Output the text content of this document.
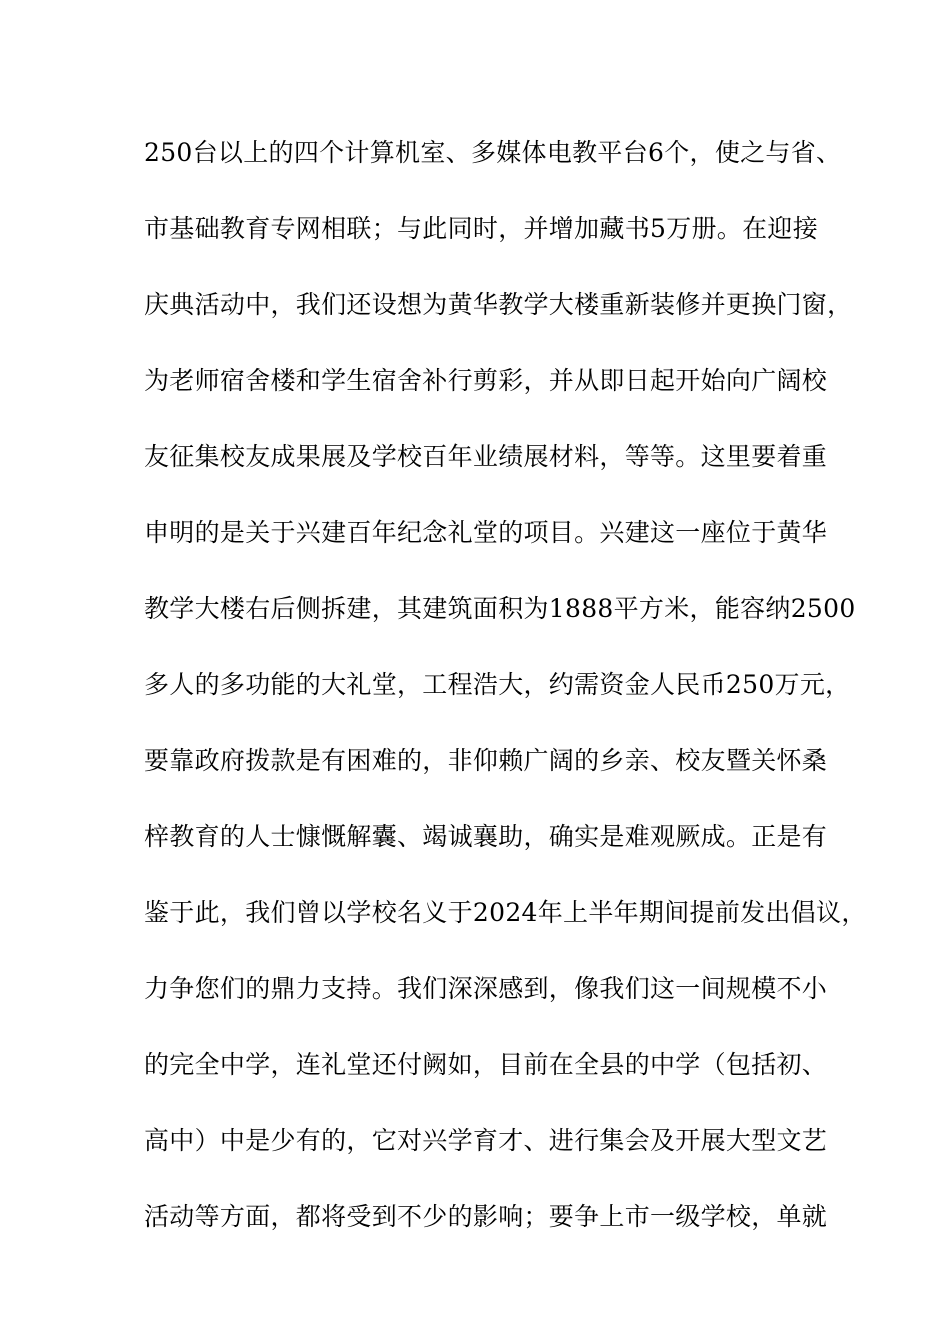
250台以上的四个计算机室、多媒体电教平台6个，使之与省、
市基础教育专网相联；与此同时，并增加藏书5万册。在迎接
庆典活动中，我们还设想为黄华教学大楼重新装修并更换门窗，
为老师宿舍楼和学生宿舍补行剪彩，并从即日起开始向广阔校
友征集校友成果展及学校百年业绩展材料，等等。这里要着重
申明的是关于兴建百年纪念礼堂的项目。兴建这一座位于黄华
教学大楼右后侧拆建，其建筑面积为1888平方米，能容纳2500
多人的多功能的大礼堂，工程浩大，约需资金人民币250万元，
要靠政府拨款是有困难的，非仰赖广阔的乡亲、校友暨关怀桑
梓教育的人士慷慨解囊、竭诚襄助，确实是难观厥成。正是有
鉴于此，我们曾以学校名义于2024年上半年期间提前发出倡议，
力争您们的鼎力支持。我们深深感到，像我们这一间规模不小
的完全中学，连礼堂还付阙如，目前在全县的中学（包括初、
高中）中是少有的，它对兴学育才、进行集会及开展大型文艺
活动等方面，都将受到不少的影响；要争上市一级学校，单就
